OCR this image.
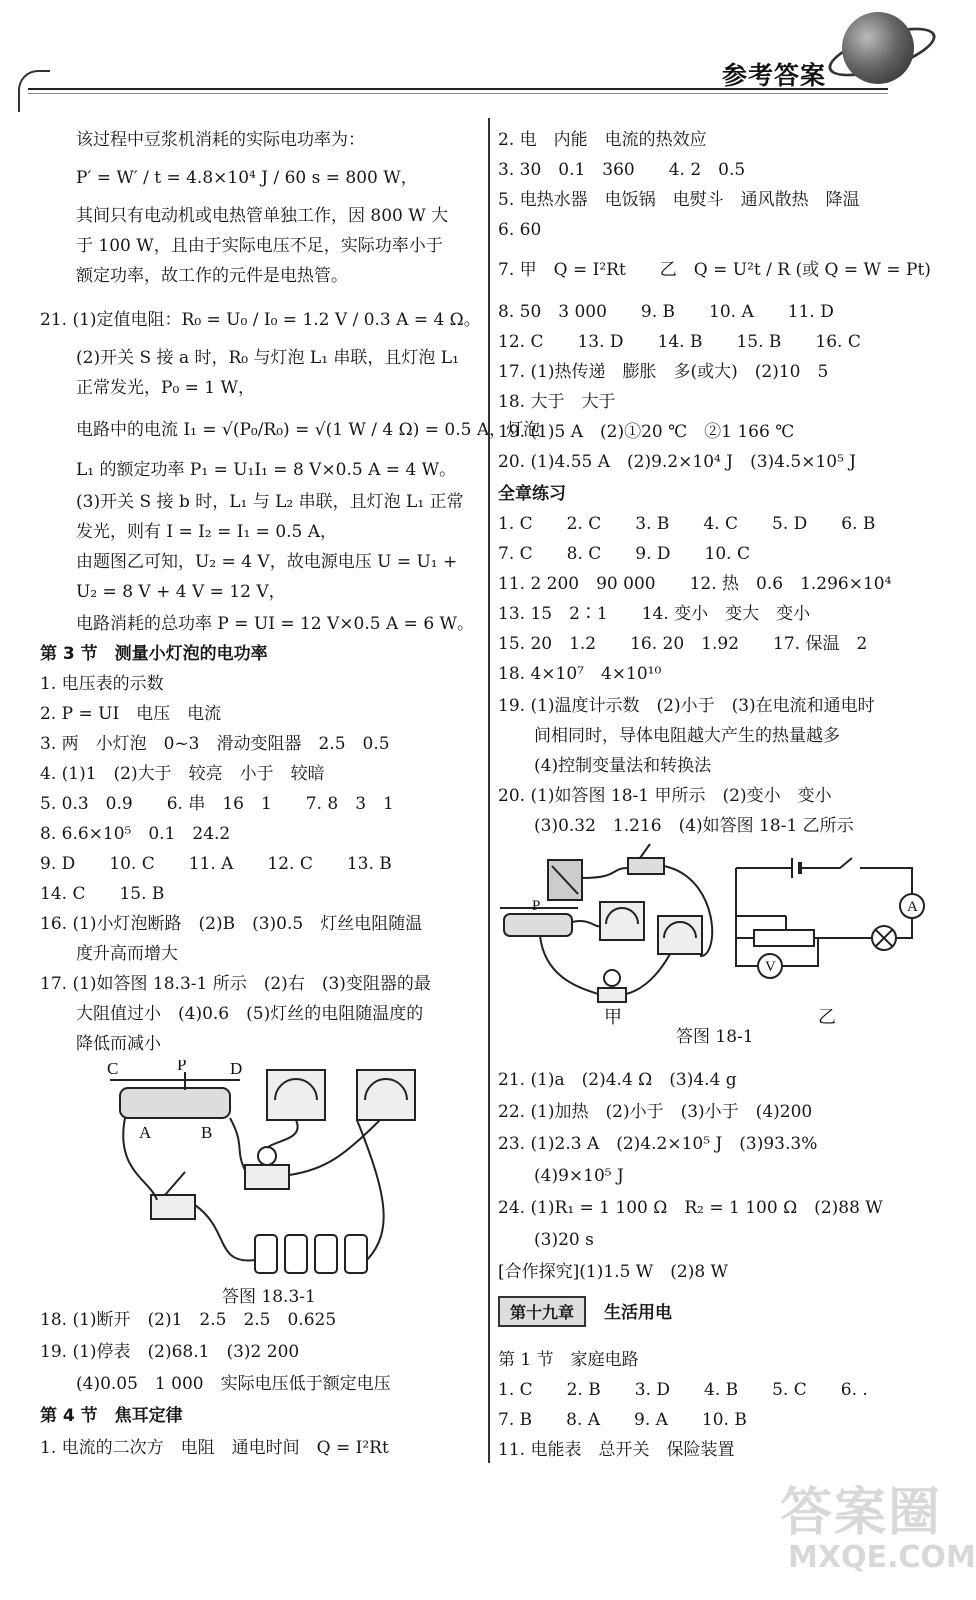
参考答案
该过程中豆浆机消耗的实际电功率为：
P′ = W′ / t = 4.8×10⁴ J / 60 s = 800 W，
其间只有电动机或电热管单独工作，因 800 W 大
于 100 W，且由于实际电压不足，实际功率小于
额定功率，故工作的元件是电热管。
21. (1)定值电阻：R₀ = U₀ / I₀ = 1.2 V / 0.3 A = 4 Ω。
(2)开关 S 接 a 时，R₀ 与灯泡 L₁ 串联，且灯泡 L₁
正常发光，P₀ = 1 W，
电路中的电流 I₁ = √(P₀/R₀) = √(1 W / 4 Ω) = 0.5 A，灯泡
L₁ 的额定功率 P₁ = U₁I₁ = 8 V×0.5 A = 4 W。
(3)开关 S 接 b 时，L₁ 与 L₂ 串联，且灯泡 L₁ 正常
发光，则有 I = I₂ = I₁ = 0.5 A，
由题图乙可知，U₂ = 4 V，故电源电压 U = U₁ +
U₂ = 8 V + 4 V = 12 V，
电路消耗的总功率 P = UI = 12 V×0.5 A = 6 W。
第 3 节　测量小灯泡的电功率
1. 电压表的示数
2. P = UI　电压　电流
3. 两　小灯泡　0~3　滑动变阻器　2.5　0.5
4. (1)1　(2)大于　较亮　小于　较暗
5. 0.3　0.9　　6. 串　16　1　　7. 8　3　1
8. 6.6×10⁵　0.1　24.2
9. D　　10. C　　11. A　　12. C　　13. B
14. C　　15. B
16. (1)小灯泡断路　(2)B　(3)0.5　灯丝电阻随温
度升高而增大
17. (1)如答图 18.3-1 所示　(2)右　(3)变阻器的最
大阻值过小　(4)0.6　(5)灯丝的电阻随温度的
降低而减小
18. (1)断开　(2)1　2.5　2.5　0.625
19. (1)停表　(2)68.1　(3)2 200
(4)0.05　1 000　实际电压低于额定电压
第 4 节　焦耳定律
1. 电流的二次方　电阻　通电时间　Q = I²Rt
C	P	D
A	B
答图 18.3-1
2. 电　内能　电流的热效应
3. 30　0.1　360　　4. 2　0.5
5. 电热水器　电饭锅　电熨斗　通风散热　降温
6. 60
7. 甲　Q = I²Rt　　乙　Q = U²t / R (或 Q = W = Pt)
8. 50　3 000　　9. B　　10. A　　11. D
12. C　　13. D　　14. B　　15. B　　16. C
17. (1)热传递　膨胀　多(或大)　(2)10　5
18. 大于　大于
19. (1)5 A　(2)①20 ℃　②1 166 ℃
20. (1)4.55 A　(2)9.2×10⁴ J　(3)4.5×10⁵ J
全章练习
1. C　　2. C　　3. B　　4. C　　5. D　　6. B
7. C　　8. C　　9. D　　10. C
11. 2 200　90 000　　12. 热　0.6　1.296×10⁴
13. 15　2∶1　　14. 变小　变大　变小
15. 20　1.2　　16. 20　1.92　　17. 保温　2
18. 4×10⁷　4×10¹⁰
19. (1)温度计示数　(2)小于　(3)在电流和通电时
间相同时，导体电阻越大产生的热量越多
(4)控制变量法和转换法
20. (1)如答图 18-1 甲所示　(2)变小　变小
(3)0.32　1.216　(4)如答图 18-1 乙所示
21. (1)a　(2)4.4 Ω　(3)4.4 g
22. (1)加热　(2)小于　(3)小于　(4)200
23. (1)2.3 A　(2)4.2×10⁵ J　(3)93.3%
(4)9×10⁵ J
24. (1)R₁ = 1 100 Ω　R₂ = 1 100 Ω　(2)88 W
(3)20 s
[合作探究](1)1.5 W　(2)8 W
第 1 节　家庭电路
1. C　　2. B　　3. D　　4. B　　5. C　　6. .
7. B　　8. A　　9. A　　10. B
11. 电能表　总开关　保险装置
P	A
V
甲	乙
答图 18-1
第十九章 生活用电
答案圈
MXQE.COM
